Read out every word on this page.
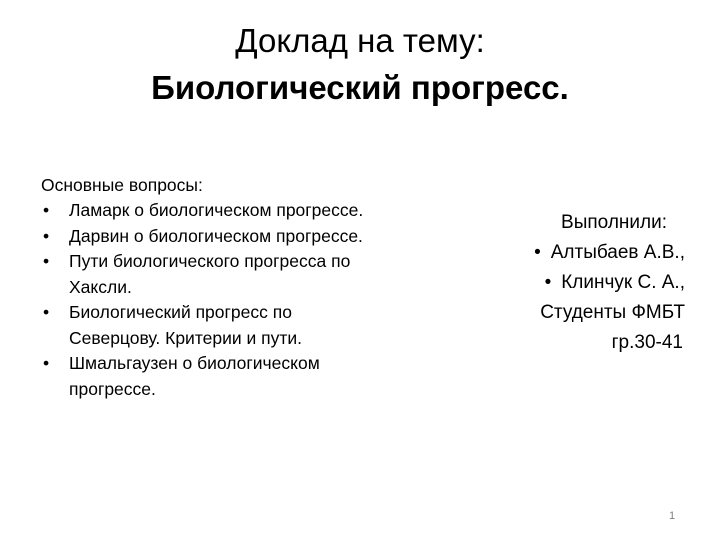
Доклад на тему:
Биологический прогресс.
Основные вопросы:
• Ламарк о биологическом прогрессе.
• Дарвин о биологическом прогрессе.
• Пути биологического прогресса по Хаксли.
• Биологический прогресс по Северцову. Критерии и пути.
• Шмальгаузен о биологическом прогрессе.
Выполнили:
• Алтыбаев А.В.,
• Клинчук С. А.,
Студенты ФМБТ
гр.30-41
1
